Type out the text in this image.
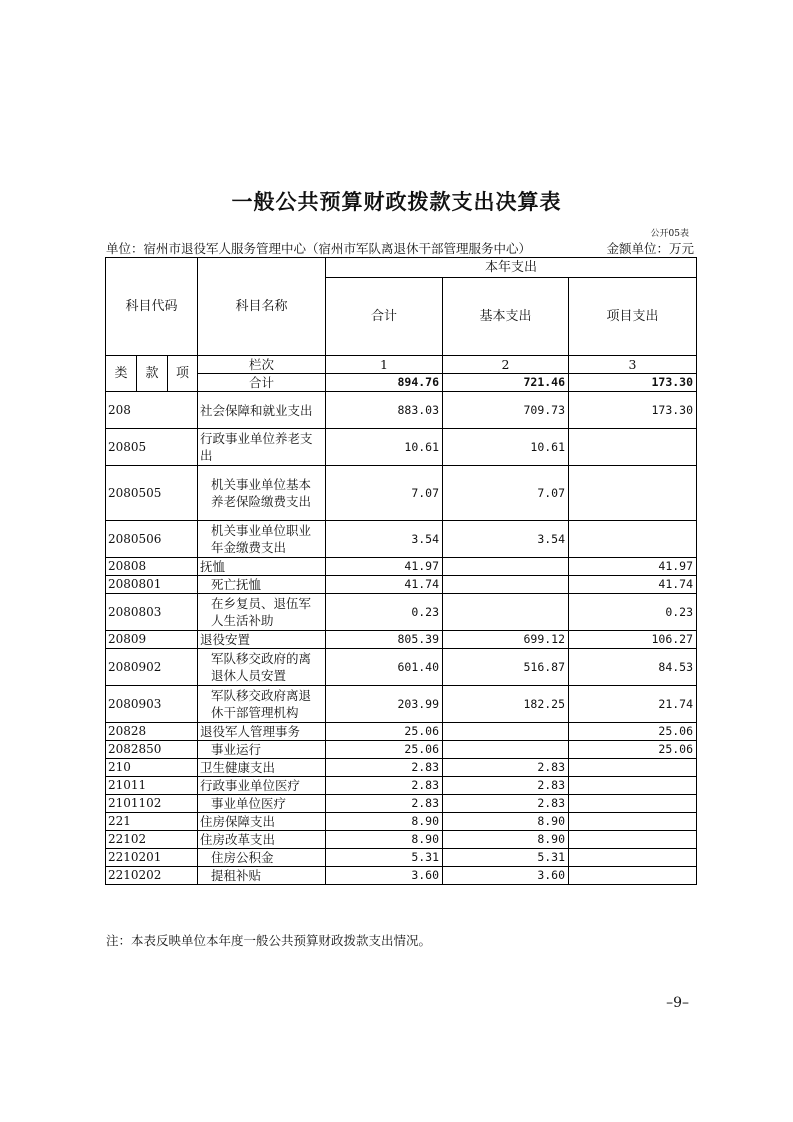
一般公共预算财政拨款支出决算表
公开05表
单位：宿州市退役军人服务管理中心（宿州市军队离退休干部管理服务中心）	金额单位：万元
科目代码			科目名称	本年支出		
				合计	基本支出	项目支出

类	款	项	栏次	1	2	3
			合计	894.76	721.46	173.30
208			社会保障和就业支出	883.03	709.73	173.30
20805			行政事业单位养老支出	10.61	10.61	
2080505			机关事业单位基本养老保险缴费支出	7.07	7.07	
2080506			机关事业单位职业年金缴费支出	3.54	3.54	
20808			抚恤	41.97		41.97
2080801			死亡抚恤	41.74		41.74
2080803			在乡复员、退伍军人生活补助	0.23		0.23
20809			退役安置	805.39	699.12	106.27
2080902			军队移交政府的离退休人员安置	601.40	516.87	84.53
2080903			军队移交政府离退休干部管理机构	203.99	182.25	21.74
20828			退役军人管理事务	25.06		25.06
2082850			事业运行	25.06		25.06
210			卫生健康支出	2.83	2.83	
21011			行政事业单位医疗	2.83	2.83	
2101102			事业单位医疗	2.83	2.83	
221			住房保障支出	8.90	8.90	
22102			住房改革支出	8.90	8.90	
2210201			住房公积金	5.31	5.31	
2210202			提租补贴	3.60	3.60	
注：本表反映单位本年度一般公共预算财政拨款支出情况。
–9–
